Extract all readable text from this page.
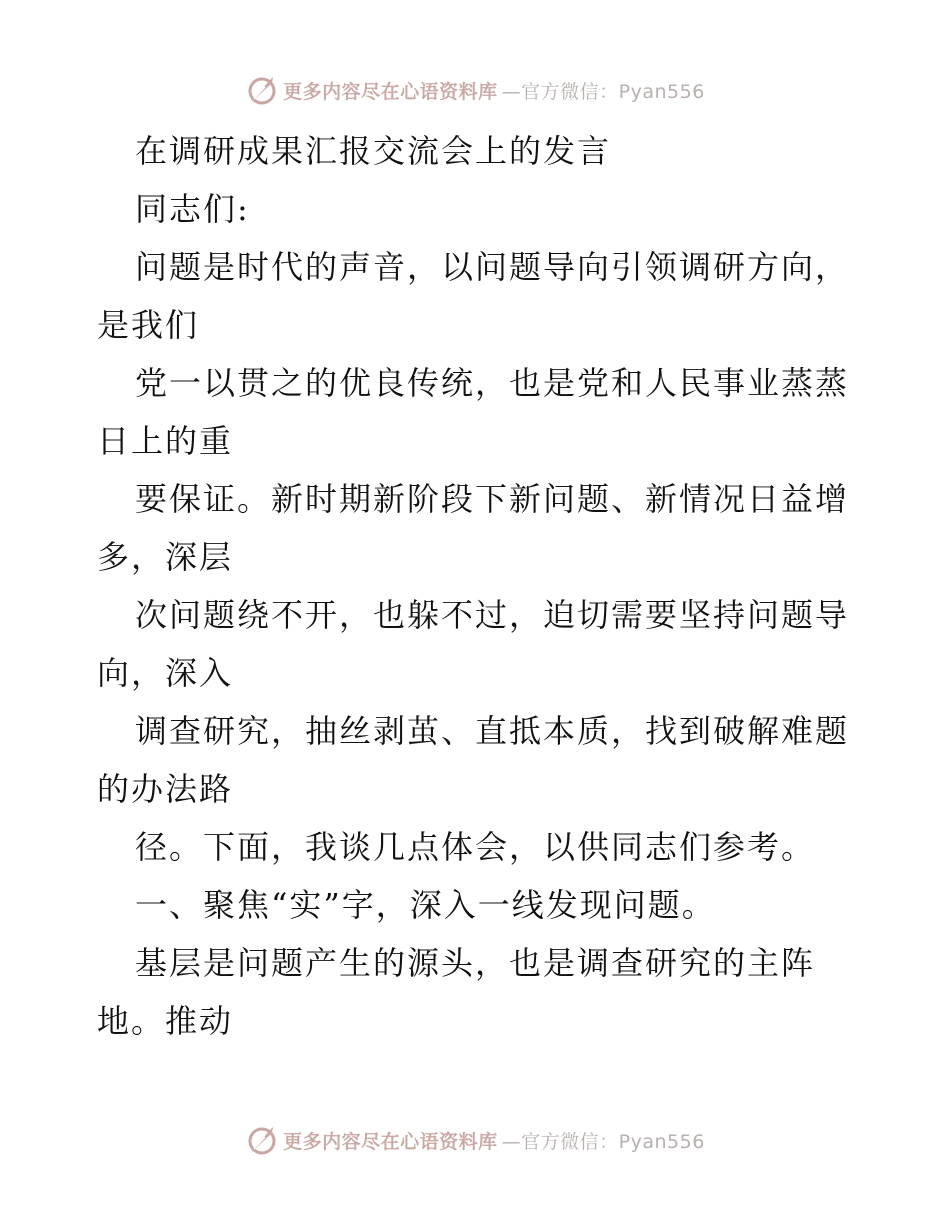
更多内容尽在心语资料库 —官方微信：Pyan556
在调研成果汇报交流会上的发言
同志们:
问题是时代的声音，以问题导向引领调研方向，
是我们
党一以贯之的优良传统，也是党和人民事业蒸蒸
日上的重
要保证。新时期新阶段下新问题、新情况日益增
多，深层
次问题绕不开，也躲不过，迫切需要坚持问题导
向，深入
调查研究，抽丝剥茧、直抵本质，找到破解难题
的办法路
径。下面，我谈几点体会，以供同志们参考。
一、聚焦“实”字，深入一线发现问题。
基层是问题产生的源头，也是调查研究的主阵
地。推动
更多内容尽在心语资料库 —官方微信：Pyan556
